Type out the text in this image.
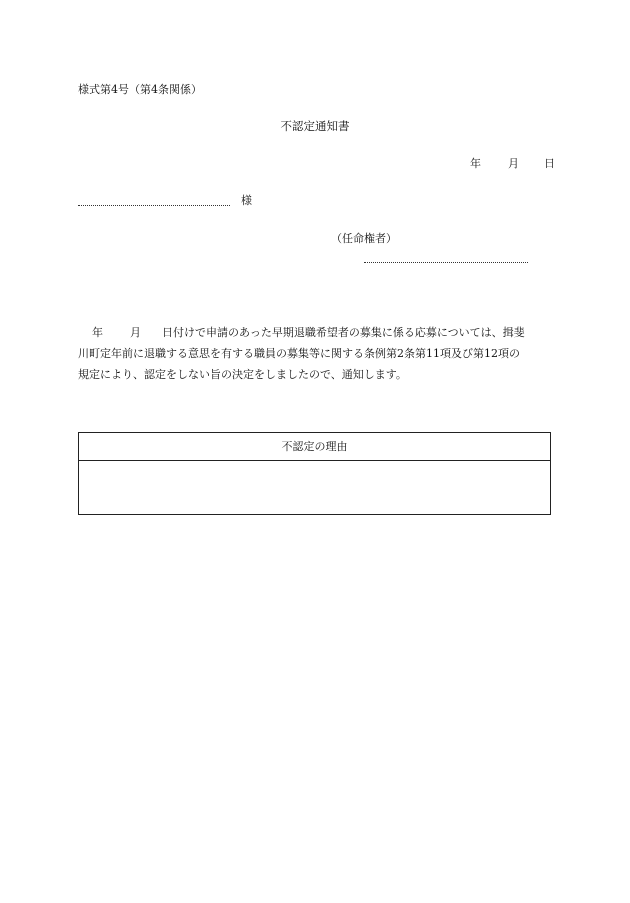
様式第4号（第4条関係）
不認定通知書
年 月 日
様
（任命権者）
年 月 日付けで申請のあった早期退職希望者の募集に係る応募については、揖斐
川町定年前に退職する意思を有する職員の募集等に関する条例第2条第11項及び第12項の
規定により、認定をしない旨の決定をしましたので、通知します。
不認定の理由
